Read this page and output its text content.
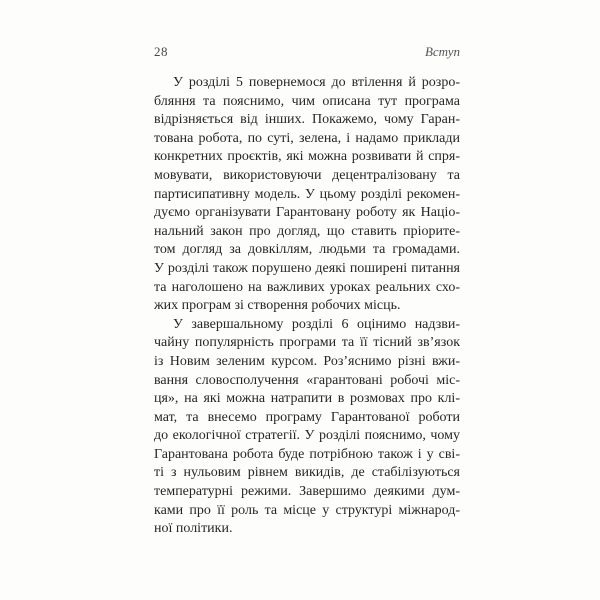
28	Вступ
У розділі 5 повернемося до втілення й розро-
бляння та пояснимо, чим описана тут програма
відрізняється від інших. Покажемо, чому Гаран-
тована робота, по суті, зелена, і надамо приклади
конкретних проєктів, які можна розвивати й спря-
мовувати, використовуючи децентралізовану та
партисипативну модель. У цьому розділі рекомен-
дуємо організувати Гарантовану роботу як Націо-
нальний закон про догляд, що ставить пріорите-
том догляд за довкіллям, людьми та громадами.
У розділі також порушено деякі поширені питання
та наголошено на важливих уроках реальних схо-
жих програм зі створення робочих місць.
У завершальному розділі 6 оцінимо надзви-
чайну популярність програми та її тісний зв’язок
із Новим зеленим курсом. Роз’яснимо різні вжи-
вання словосполучення «гарантовані робочі міс-
ця», на які можна натрапити в розмовах про клі-
мат, та внесемо програму Гарантованої роботи
до екологічної стратегії. У розділі пояснимо, чому
Гарантована робота буде потрібною також і у сві-
ті з нульовим рівнем викидів, де стабілізуються
температурні режими. Завершимо деякими дум-
ками про її роль та місце у структурі міжнарод-
ної політики.
